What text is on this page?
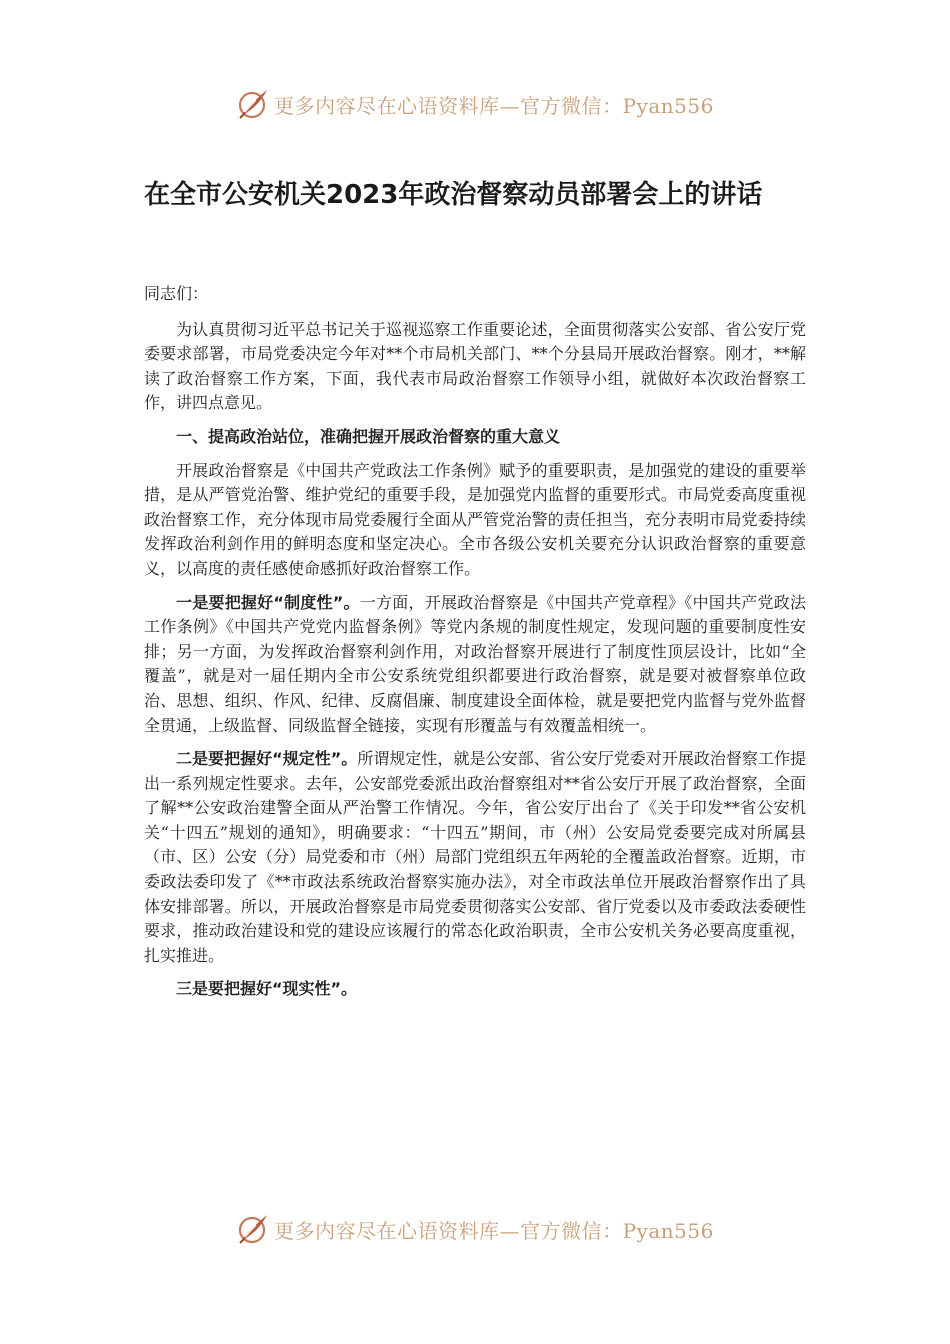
更多内容尽在心语资料库—官方微信：Pyan556
在全市公安机关2023年政治督察动员部署会上的讲话

同志们：

为认真贯彻习近平总书记关于巡视巡察工作重要论述，全面贯彻落实公安部、省公安厅党委要求部署，市局党委决定今年对**个市局机关部门、**个分县局开展政治督察。刚才，**解读了政治督察工作方案，下面，我代表市局政治督察工作领导小组，就做好本次政治督察工作，讲四点意见。

一、提高政治站位，准确把握开展政治督察的重大意义

开展政治督察是《中国共产党政法工作条例》赋予的重要职责，是加强党的建设的重要举措，是从严管党治警、维护党纪的重要手段，是加强党内监督的重要形式。市局党委高度重视政治督察工作，充分体现市局党委履行全面从严管党治警的责任担当，充分表明市局党委持续发挥政治利剑作用的鲜明态度和坚定决心。全市各级公安机关要充分认识政治督察的重要意义，以高度的责任感使命感抓好政治督察工作。

一是要把握好“制度性”。一方面，开展政治督察是《中国共产党章程》《中国共产党政法工作条例》《中国共产党党内监督条例》等党内条规的制度性规定，发现问题的重要制度性安排；另一方面，为发挥政治督察利剑作用，对政治督察开展进行了制度性顶层设计，比如“全覆盖”，就是对一届任期内全市公安系统党组织都要进行政治督察，就是要对被督察单位政治、思想、组织、作风、纪律、反腐倡廉、制度建设全面体检，就是要把党内监督与党外监督全贯通，上级监督、同级监督全链接，实现有形覆盖与有效覆盖相统一。

二是要把握好“规定性”。所谓规定性，就是公安部、省公安厅党委对开展政治督察工作提出一系列规定性要求。去年，公安部党委派出政治督察组对**省公安厅开展了政治督察，全面了解**公安政治建警全面从严治警工作情况。今年，省公安厅出台了《关于印发**省公安机关“十四五”规划的通知》，明确要求：“十四五”期间，市（州）公安局党委要完成对所属县（市、区）公安（分）局党委和市（州）局部门党组织五年两轮的全覆盖政治督察。近期，市委政法委印发了《**市政法系统政治督察实施办法》，对全市政法单位开展政治督察作出了具体安排部署。所以，开展政治督察是市局党委贯彻落实公安部、省厅党委以及市委政法委硬性要求，推动政治建设和党的建设应该履行的常态化政治职责，全市公安机关务必要高度重视，扎实推进。

三是要把握好“现实性”。

更多内容尽在心语资料库—官方微信：Pyan556
